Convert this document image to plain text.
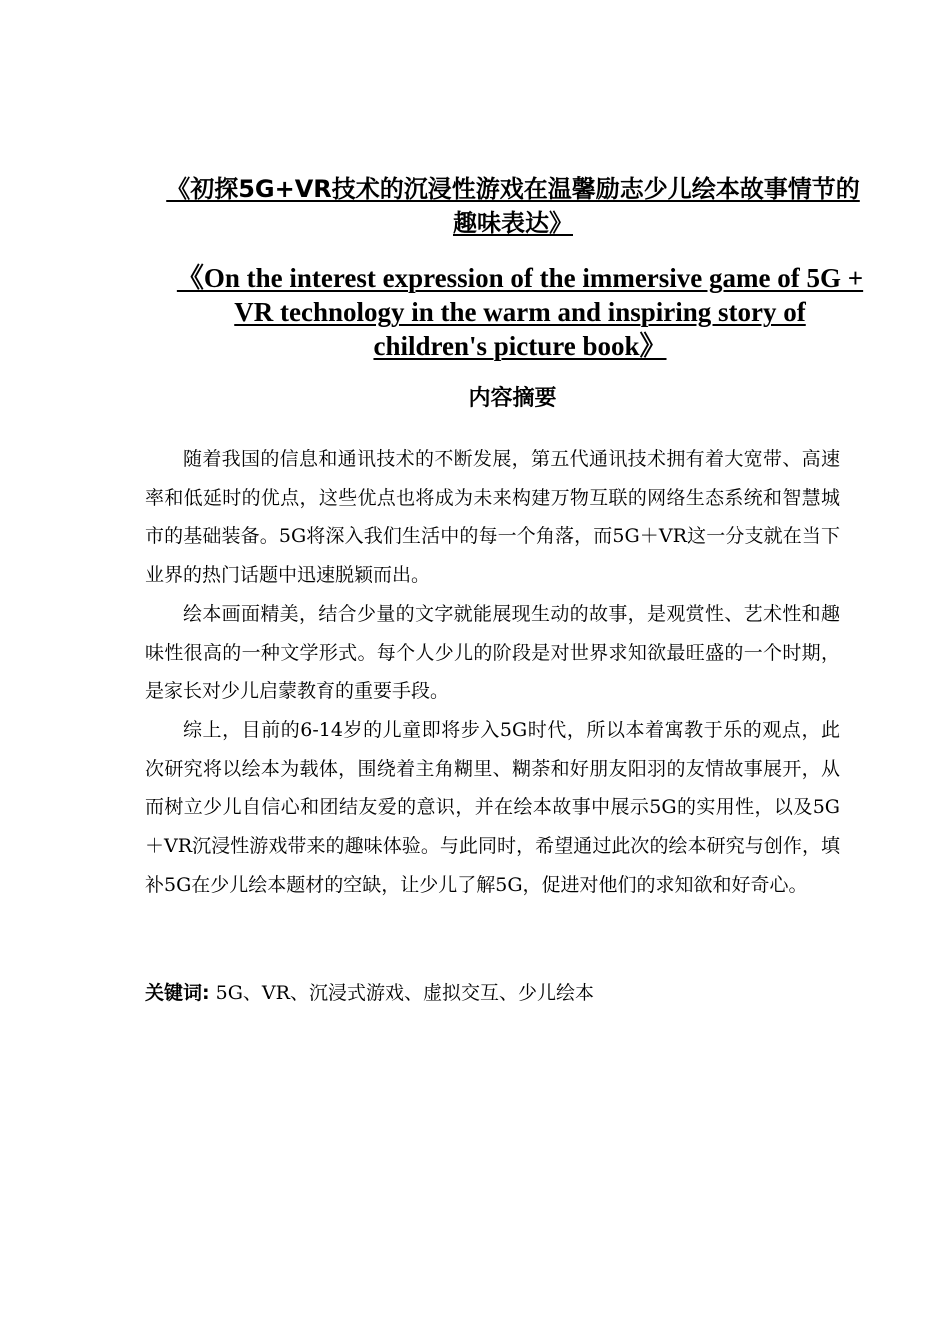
《初探5G+VR技术的沉浸性游戏在温馨励志少儿绘本故事情节的趣味表达》
《On the interest expression of the immersive game of 5G + VR technology in the warm and inspiring story of children's picture book》
内容摘要

随着我国的信息和通讯技术的不断发展，第五代通讯技术拥有着大宽带、高速率和低延时的优点，这些优点也将成为未来构建万物互联的网络生态系统和智慧城市的基础装备。5G将深入我们生活中的每一个角落，而5G＋VR这一分支就在当下业界的热门话题中迅速脱颖而出。

绘本画面精美，结合少量的文字就能展现生动的故事，是观赏性、艺术性和趣味性很高的一种文学形式。每个人少儿的阶段是对世界求知欲最旺盛的一个时期，是家长对少儿启蒙教育的重要手段。

综上，目前的6-14岁的儿童即将步入5G时代，所以本着寓教于乐的观点，此次研究将以绘本为载体，围绕着主角糊里、糊荼和好朋友阳羽的友情故事展开，从而树立少儿自信心和团结友爱的意识，并在绘本故事中展示5G的实用性，以及5G＋VR沉浸性游戏带来的趣味体验。与此同时，希望通过此次的绘本研究与创作，填补5G在少儿绘本题材的空缺，让少儿了解5G，促进对他们的求知欲和好奇心。

关键词: 5G、VR、沉浸式游戏、虚拟交互、少儿绘本
